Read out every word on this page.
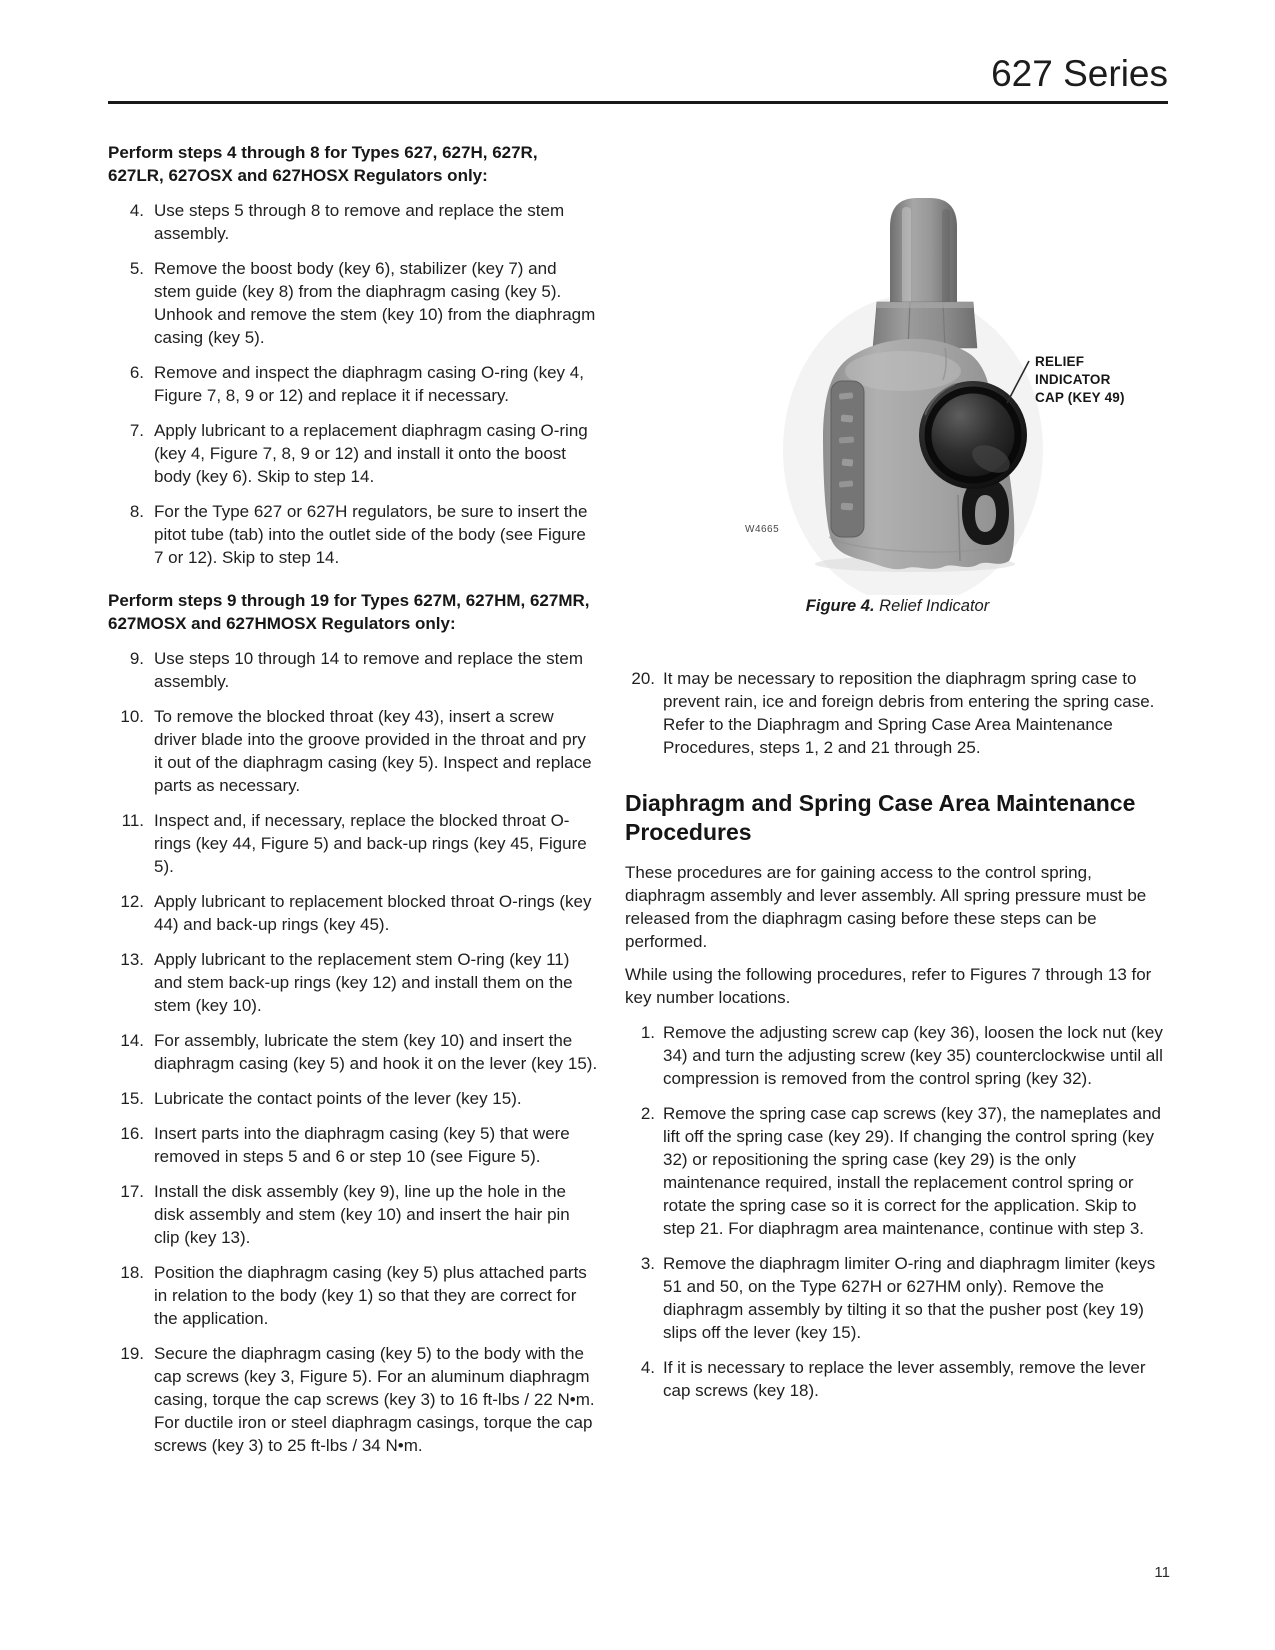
627 Series
Perform steps 4 through 8 for Types 627, 627H, 627R, 627LR, 627OSX and 627HOSX Regulators only:
4. Use steps 5 through 8 to remove and replace the stem assembly.
5. Remove the boost body (key 6), stabilizer (key 7) and stem guide (key 8) from the diaphragm casing (key 5). Unhook and remove the stem (key 10) from the diaphragm casing (key 5).
6. Remove and inspect the diaphragm casing O-ring (key 4, Figure 7, 8, 9 or 12) and replace it if necessary.
7. Apply lubricant to a replacement diaphragm casing O-ring (key 4, Figure 7, 8, 9 or 12) and install it onto the boost body (key 6). Skip to step 14.
8. For the Type 627 or 627H regulators, be sure to insert the pitot tube (tab) into the outlet side of the body (see Figure 7 or 12). Skip to step 14.
Perform steps 9 through 19 for Types 627M, 627HM, 627MR, 627MOSX and 627HMOSX Regulators only:
9. Use steps 10 through 14 to remove and replace the stem assembly.
10. To remove the blocked throat (key 43), insert a screw driver blade into the groove provided in the throat and pry it out of the diaphragm casing (key 5). Inspect and replace parts as necessary.
11. Inspect and, if necessary, replace the blocked throat O-rings (key 44, Figure 5) and back-up rings (key 45, Figure 5).
12. Apply lubricant to replacement blocked throat O-rings (key 44) and back-up rings (key 45).
13. Apply lubricant to the replacement stem O-ring (key 11) and stem back-up rings (key 12) and install them on the stem (key 10).
14. For assembly, lubricate the stem (key 10) and insert the diaphragm casing (key 5) and hook it on the lever (key 15).
15. Lubricate the contact points of the lever (key 15).
16. Insert parts into the diaphragm casing (key 5) that were removed in steps 5 and 6 or step 10 (see Figure 5).
17. Install the disk assembly (key 9), line up the hole in the disk assembly and stem (key 10) and insert the hair pin clip (key 13).
18. Position the diaphragm casing (key 5) plus attached parts in relation to the body (key 1) so that they are correct for the application.
19. Secure the diaphragm casing (key 5) to the body with the cap screws (key 3, Figure 5). For an aluminum diaphragm casing, torque the cap screws (key 3) to 16 ft-lbs / 22 N•m. For ductile iron or steel diaphragm casings, torque the cap screws (key 3) to 25 ft-lbs / 34 N•m.
RELIEF
INDICATOR
CAP (KEY 49)
W4665
Figure 4. Relief Indicator
20. It may be necessary to reposition the diaphragm spring case to prevent rain, ice and foreign debris from entering the spring case. Refer to the Diaphragm and Spring Case Area Maintenance Procedures, steps 1, 2 and 21 through 25.
Diaphragm and Spring Case Area Maintenance Procedures

These procedures are for gaining access to the control spring, diaphragm assembly and lever assembly. All spring pressure must be released from the diaphragm casing before these steps can be performed.

While using the following procedures, refer to Figures 7 through 13 for key number locations.

1. Remove the adjusting screw cap (key 36), loosen the lock nut (key 34) and turn the adjusting screw (key 35) counterclockwise until all compression is removed from the control spring (key 32).
2. Remove the spring case cap screws (key 37), the nameplates and lift off the spring case (key 29). If changing the control spring (key 32) or repositioning the spring case (key 29) is the only maintenance required, install the replacement control spring or rotate the spring case so it is correct for the application. Skip to step 21. For diaphragm area maintenance, continue with step 3.
3. Remove the diaphragm limiter O-ring and diaphragm limiter (keys 51 and 50, on the Type 627H or 627HM only). Remove the diaphragm assembly by tilting it so that the pusher post (key 19) slips off the lever (key 15).
4. If it is necessary to replace the lever assembly, remove the lever cap screws (key 18).
11
